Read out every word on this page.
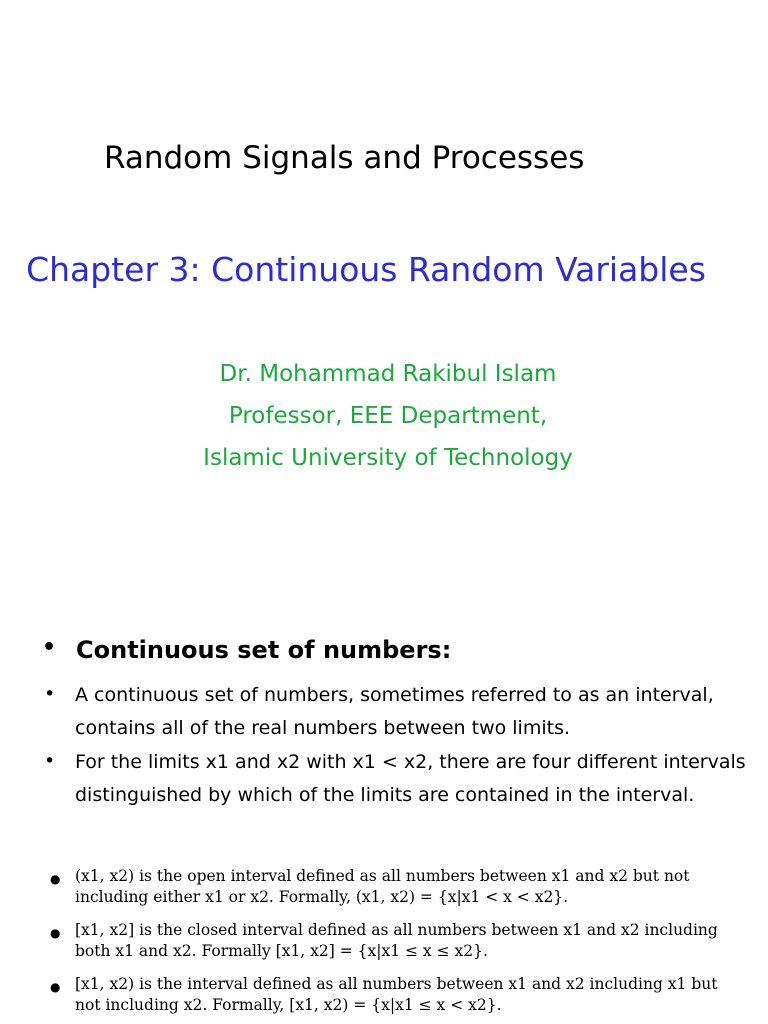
Random Signals and Processes
Chapter 3: Continuous Random Variables
Dr. Mohammad Rakibul Islam
Professor, EEE Department,
Islamic University of Technology
• Continuous set of numbers:
• A continuous set of numbers, sometimes referred to as an interval, contains all of the real numbers between two limits.
• For the limits x1 and x2 with x1 < x2, there are four different intervals distinguished by which of the limits are contained in the interval.
● (x1, x2) is the open interval defined as all numbers between x1 and x2 but not including either x1 or x2. Formally, (x1, x2) = {x|x1 < x < x2}.
● [x1, x2] is the closed interval defined as all numbers between x1 and x2 including both x1 and x2. Formally [x1, x2] = {x|x1 ≤ x ≤ x2}.
● [x1, x2) is the interval defined as all numbers between x1 and x2 including x1 but not including x2. Formally, [x1, x2) = {x|x1 ≤ x < x2}.
